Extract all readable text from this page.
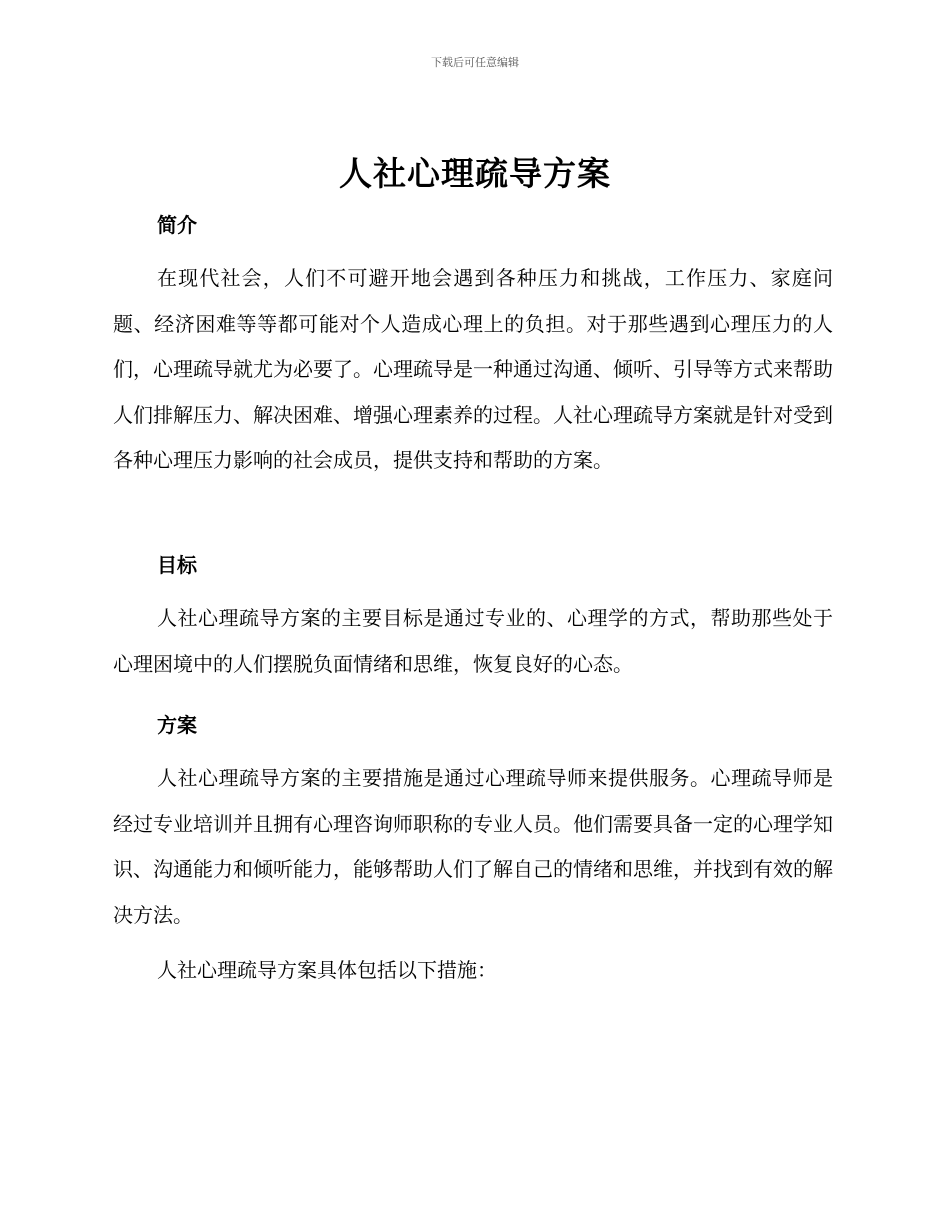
下载后可任意编辑
人社心理疏导方案
简介

在现代社会，人们不可避开地会遇到各种压力和挑战，工作压力、家庭问题、经济困难等等都可能对个人造成心理上的负担。对于那些遇到心理压力的人们，心理疏导就尤为必要了。心理疏导是一种通过沟通、倾听、引导等方式来帮助人们排解压力、解决困难、增强心理素养的过程。人社心理疏导方案就是针对受到各种心理压力影响的社会成员，提供支持和帮助的方案。

目标

人社心理疏导方案的主要目标是通过专业的、心理学的方式，帮助那些处于心理困境中的人们摆脱负面情绪和思维，恢复良好的心态。

方案

人社心理疏导方案的主要措施是通过心理疏导师来提供服务。心理疏导师是经过专业培训并且拥有心理咨询师职称的专业人员。他们需要具备一定的心理学知识、沟通能力和倾听能力，能够帮助人们了解自己的情绪和思维，并找到有效的解决方法。

人社心理疏导方案具体包括以下措施：
